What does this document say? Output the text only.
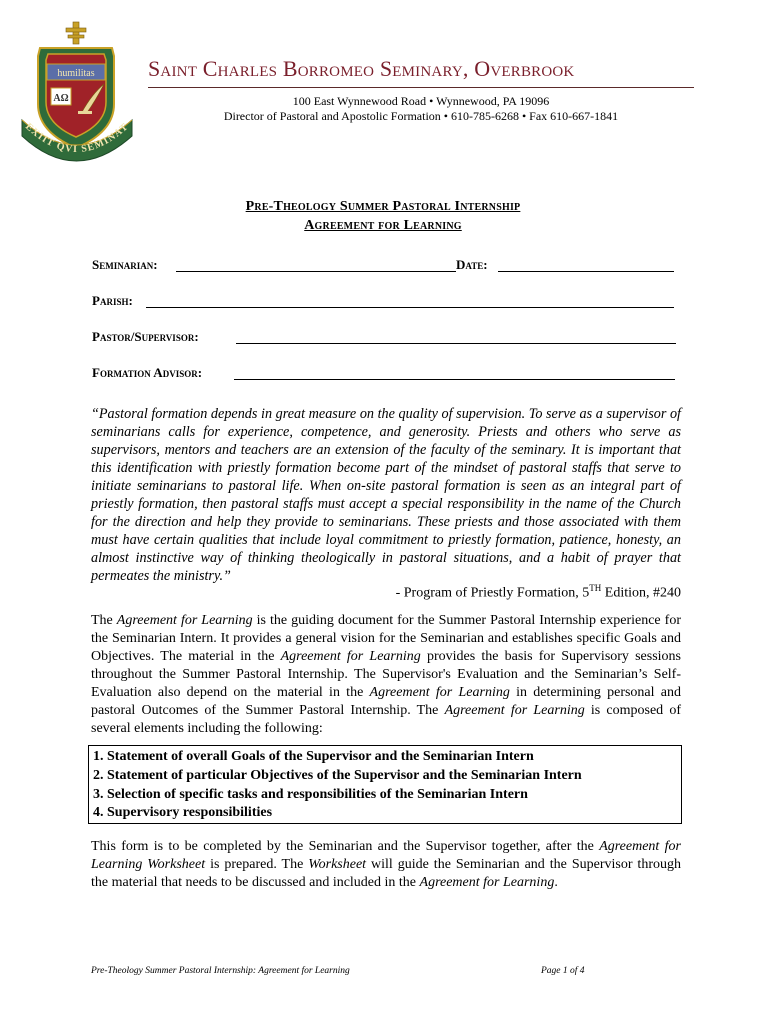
humilitas
AΩ
EXIIT QVI SEMINAT
Saint Charles Borromeo Seminary, Overbrook
100 East Wynnewood Road • Wynnewood, PA 19096
Director of Pastoral and Apostolic Formation • 610-785-6268 • Fax 610-667-1841
Pre-Theology Summer Pastoral Internship
Agreement for Learning
Seminarian:	Date:
Parish:
Pastor/Supervisor:
Formation Advisor:
“Pastoral formation depends in great measure on the quality of supervision. To serve as a supervisor of seminarians calls for experience, competence, and generosity. Priests and others who serve as supervisors, mentors and teachers are an extension of the faculty of the seminary. It is important that this identification with priestly formation become part of the mindset of pastoral staffs that serve to initiate seminarians to pastoral life. When on-site pastoral formation is seen as an integral part of priestly formation, then pastoral staffs must accept a special responsibility in the name of the Church for the direction and help they provide to seminarians. These priests and those associated with them must have certain qualities that include loyal commitment to priestly formation, patience, honesty, an almost instinctive way of thinking theologically in pastoral situations, and a habit of prayer that permeates the ministry.”
- Program of Priestly Formation, 5TH Edition, #240
The Agreement for Learning is the guiding document for the Summer Pastoral Internship experience for the Seminarian Intern. It provides a general vision for the Seminarian and establishes specific Goals and Objectives. The material in the Agreement for Learning provides the basis for Supervisory sessions throughout the Summer Pastoral Internship. The Supervisor's Evaluation and the Seminarian’s Self-Evaluation also depend on the material in the Agreement for Learning in determining personal and pastoral Outcomes of the Summer Pastoral Internship. The Agreement for Learning is composed of several elements including the following:
1. Statement of overall Goals of the Supervisor and the Seminarian Intern
2. Statement of particular Objectives of the Supervisor and the Seminarian Intern
3. Selection of specific tasks and responsibilities of the Seminarian Intern
4. Supervisory responsibilities
This form is to be completed by the Seminarian and the Supervisor together, after the Agreement for Learning Worksheet is prepared. The Worksheet will guide the Seminarian and the Supervisor through the material that needs to be discussed and included in the Agreement for Learning.
Pre-Theology Summer Pastoral Internship: Agreement for Learning	Page 1 of 4
